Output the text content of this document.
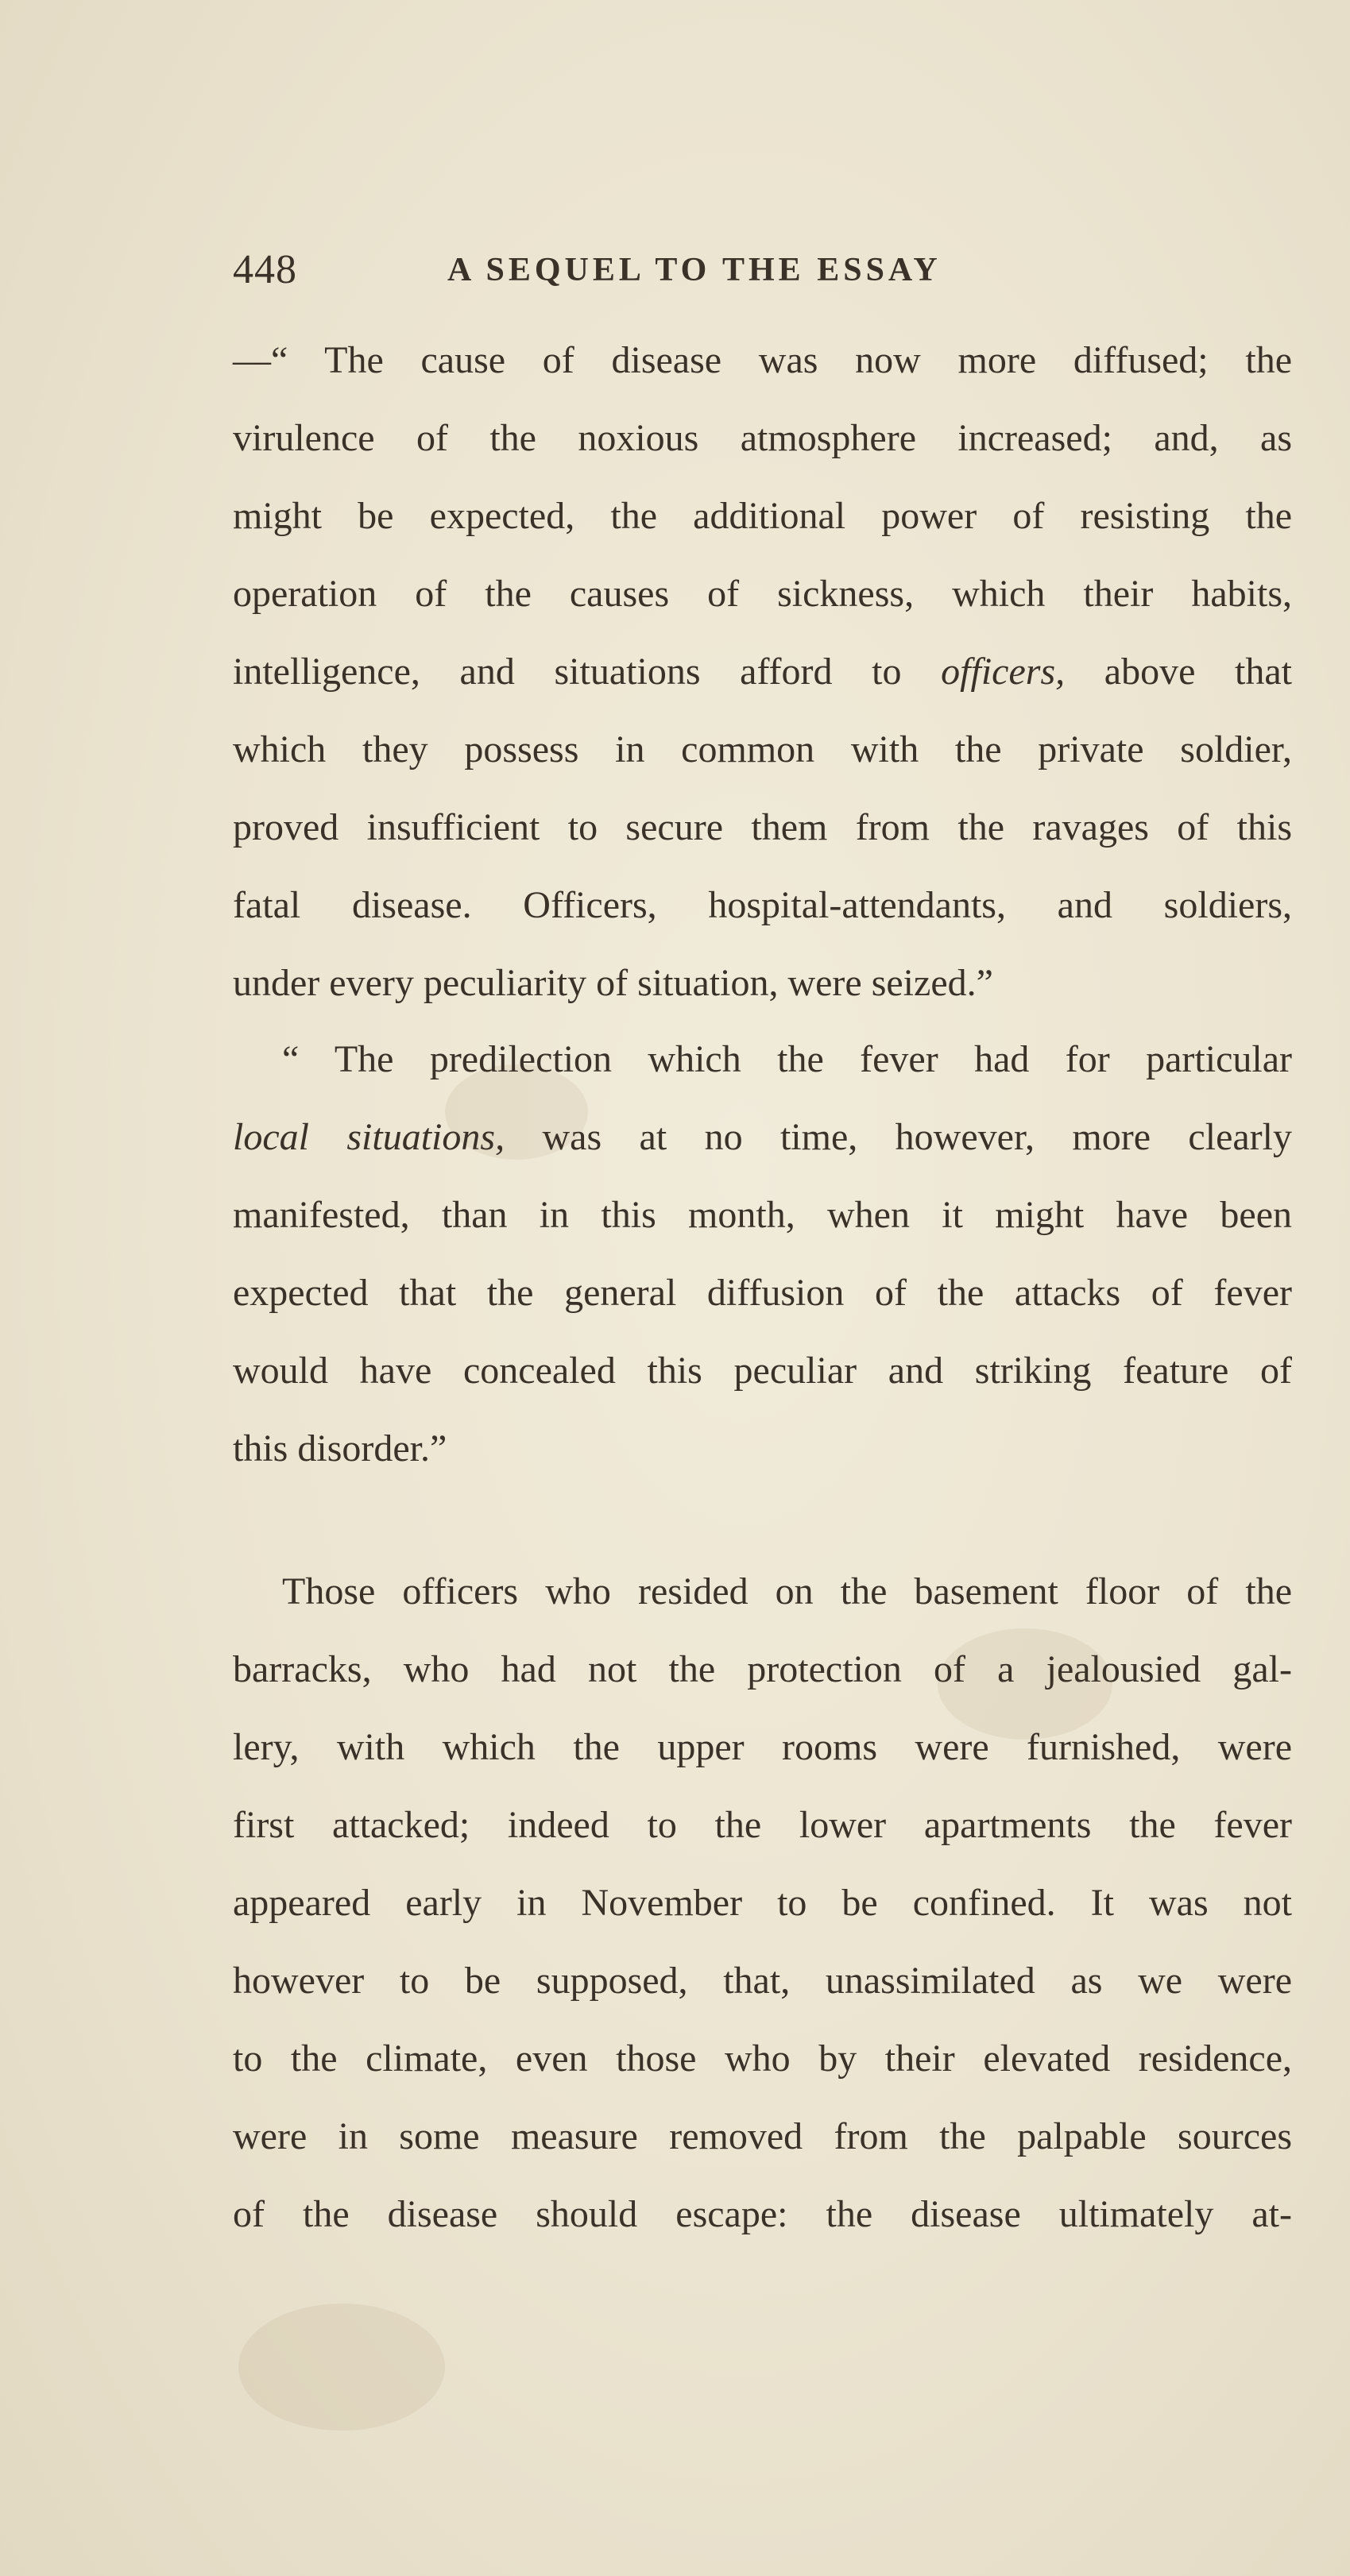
448	A SEQUEL TO THE ESSAY

—“ The cause of disease was now more diffused; the
virulence of the noxious atmosphere increased; and, as
might be expected, the additional power of resisting the
operation of the causes of sickness, which their habits,
intelligence, and situations afford to officers, above that
which they possess in common with the private soldier,
proved insufficient to secure them from the ravages of this
fatal disease. Officers, hospital-attendants, and soldiers,
under every peculiarity of situation, were seized.”

“ The predilection which the fever had for particular
local situations, was at no time, however, more clearly
manifested, than in this month, when it might have been
expected that the general diffusion of the attacks of fever
would have concealed this peculiar and striking feature of
this disorder.”

Those officers who resided on the basement floor of the
barracks, who had not the protection of a jealousied gal-
lery, with which the upper rooms were furnished, were
first attacked; indeed to the lower apartments the fever
appeared early in November to be confined. It was not
however to be supposed, that, unassimilated as we were
to the climate, even those who by their elevated residence,
were in some measure removed from the palpable sources
of the disease should escape: the disease ultimately at-
